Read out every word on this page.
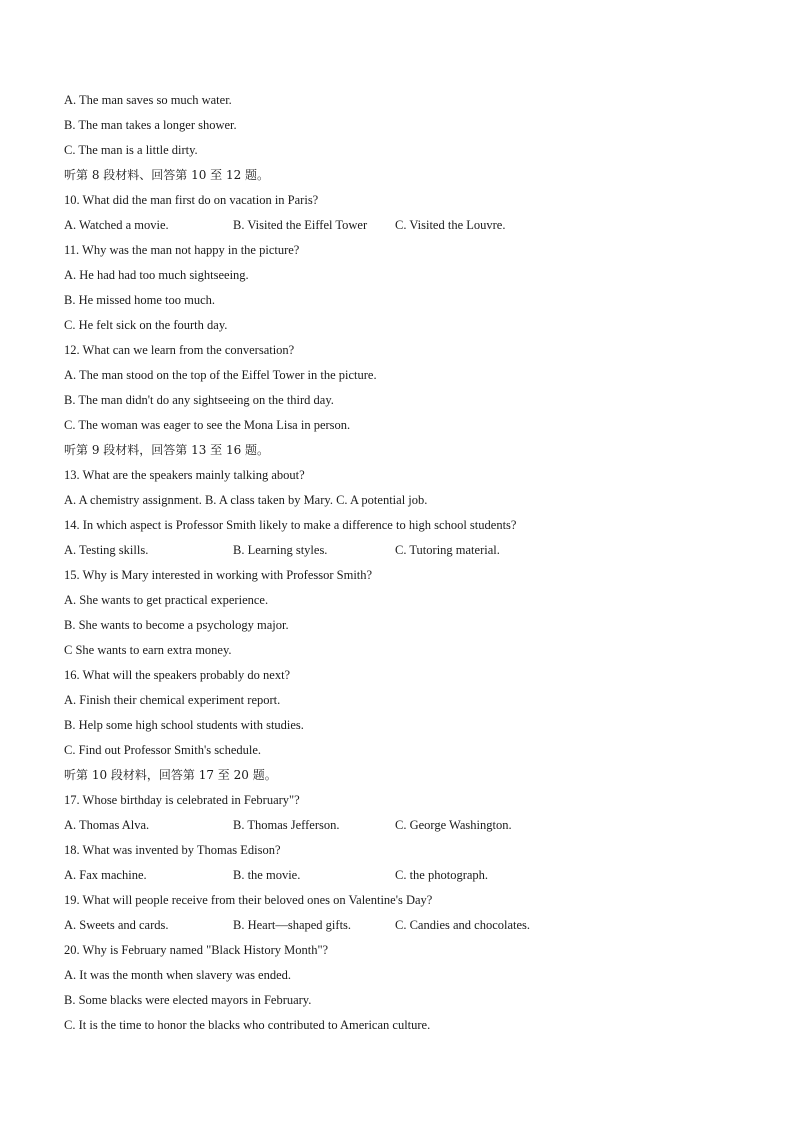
A. The man saves so much water.
B. The man takes a longer shower.
C. The man is a little dirty.
听第 8 段材料、回答第 10 至 12 题。
10. What did the man first do on vacation in Paris?
A. Watched a movie.	B. Visited the Eiffel Tower	C. Visited the Louvre.
11. Why was the man not happy in the picture?
A. He had had too much sightseeing.
B. He missed home too much.
C. He felt sick on the fourth day.
12. What can we learn from the conversation?
A. The man stood on the top of the Eiffel Tower in the picture.
B. The man didn't do any sightseeing on the third day.
C. The woman was eager to see the Mona Lisa in person.
听第 9 段材料，回答第 13 至 16 题。
13. What are the speakers mainly talking about?
A. A chemistry assignment. B. A class taken by Mary. C. A potential job.
14. In which aspect is Professor Smith likely to make a difference to high school students?
A. Testing skills.	B. Learning styles.	C. Tutoring material.
15. Why is Mary interested in working with Professor Smith?
A. She wants to get practical experience.
B. She wants to become a psychology major.
C She wants to earn extra money.
16. What will the speakers probably do next?
A. Finish their chemical experiment report.
B. Help some high school students with studies.
C. Find out Professor Smith's schedule.
听第 10 段材料，回答第 17 至 20 题。
17. Whose birthday is celebrated in February"?
A. Thomas Alva.	B. Thomas Jefferson.	C. George Washington.
18. What was invented by Thomas Edison?
A. Fax machine.	B. the movie.	C. the photograph.
19. What will people receive from their beloved ones on Valentine's Day?
A. Sweets and cards.	B. Heart—shaped gifts.	C. Candies and chocolates.
20. Why is February named "Black History Month"?
A. It was the month when slavery was ended.
B. Some blacks were elected mayors in February.
C. It is the time to honor the blacks who contributed to American culture.
